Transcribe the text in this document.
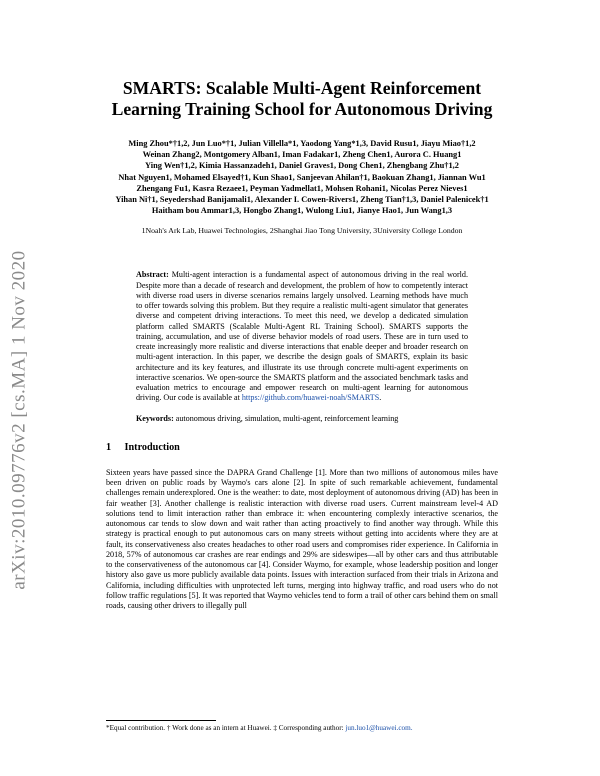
arXiv:2010.09776v2 [cs.MA] 1 Nov 2020
SMARTS: Scalable Multi-Agent Reinforcement
Learning Training School for Autonomous Driving
Ming Zhou*†1,2, Jun Luo*†1, Julian Villella*1, Yaodong Yang*1,3, David Rusu1, Jiayu Miao†1,2
Weinan Zhang2, Montgomery Alban1, Iman Fadakar1, Zheng Chen1, Aurora C. Huang1
Ying Wen†1,2, Kimia Hassanzadeh1, Daniel Graves1, Dong Chen1, Zhengbang Zhu†1,2
Nhat Nguyen1, Mohamed Elsayed†1, Kun Shao1, Sanjeevan Ahilan†1, Baokuan Zhang1, Jiannan Wu1
Zhengang Fu1, Kasra Rezaee1, Peyman Yadmellat1, Mohsen Rohani1, Nicolas Perez Nieves1
Yihan Ni†1, Seyedershad Banijamali1, Alexander I. Cowen-Rivers1, Zheng Tian†1,3, Daniel Palenicek†1
Haitham bou Ammar1,3, Hongbo Zhang1, Wulong Liu1, Jianye Hao1, Jun Wang1,3
1Noah's Ark Lab, Huawei Technologies, 2Shanghai Jiao Tong University, 3University College London
Abstract: Multi-agent interaction is a fundamental aspect of autonomous driving in the real world. Despite more than a decade of research and development, the problem of how to competently interact with diverse road users in diverse scenarios remains largely unsolved. Learning methods have much to offer towards solving this problem. But they require a realistic multi-agent simulator that generates diverse and competent driving interactions. To meet this need, we develop a dedicated simulation platform called SMARTS (Scalable Multi-Agent RL Training School). SMARTS supports the training, accumulation, and use of diverse behavior models of road users. These are in turn used to create increasingly more realistic and diverse interactions that enable deeper and broader research on multi-agent interaction. In this paper, we describe the design goals of SMARTS, explain its basic architecture and its key features, and illustrate its use through concrete multi-agent experiments on interactive scenarios. We open-source the SMARTS platform and the associated benchmark tasks and evaluation metrics to encourage and empower research on multi-agent learning for autonomous driving. Our code is available at https://github.com/huawei-noah/SMARTS.
Keywords: autonomous driving, simulation, multi-agent, reinforcement learning
1 Introduction

Sixteen years have passed since the DAPRA Grand Challenge [1]. More than two millions of autonomous miles have been driven on public roads by Waymo's cars alone [2]. In spite of such remarkable achievement, fundamental challenges remain underexplored. One is the weather: to date, most deployment of autonomous driving (AD) has been in fair weather [3]. Another challenge is realistic interaction with diverse road users. Current mainstream level-4 AD solutions tend to limit interaction rather than embrace it: when encountering complexly interactive scenarios, the autonomous car tends to slow down and wait rather than acting proactively to find another way through. While this strategy is practical enough to put autonomous cars on many streets without getting into accidents where they are at fault, its conservativeness also creates headaches to other road users and compromises rider experience. In California in 2018, 57% of autonomous car crashes are rear endings and 29% are sideswipes—all by other cars and thus attributable to the conservativeness of the autonomous car [4]. Consider Waymo, for example, whose leadership position and longer history also gave us more publicly available data points. Issues with interaction surfaced from their trials in Arizona and California, including difficulties with unprotected left turns, merging into highway traffic, and road users who do not follow traffic regulations [5]. It was reported that Waymo vehicles tend to form a trail of other cars behind them on small roads, causing other drivers to illegally pull

*Equal contribution. † Work done as an intern at Huawei. ‡ Corresponding author: jun.luo1@huawei.com.
